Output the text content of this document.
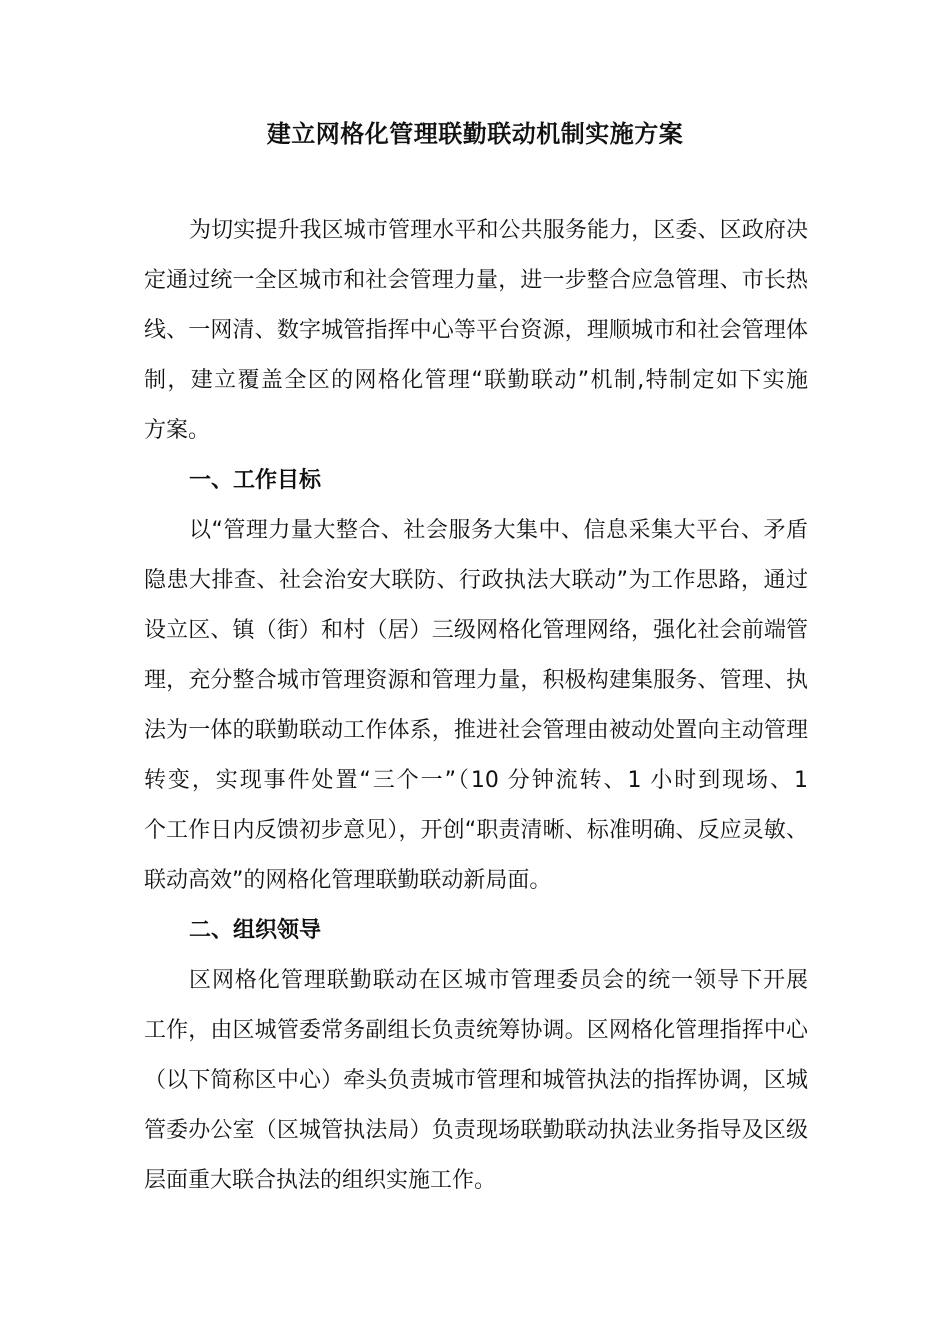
建立网格化管理联勤联动机制实施方案
为切实提升我区城市管理水平和公共服务能力，区委、区政府决
定通过统一全区城市和社会管理力量，进一步整合应急管理、市长热
线、一网清、数字城管指挥中心等平台资源，理顺城市和社会管理体
制，建立覆盖全区的网格化管理“联勤联动”机制,特制定如下实施
方案。
一、工作目标
以“管理力量大整合、社会服务大集中、信息采集大平台、矛盾
隐患大排查、社会治安大联防、行政执法大联动”为工作思路，通过
设立区、镇（街）和村（居）三级网格化管理网络，强化社会前端管
理，充分整合城市管理资源和管理力量，积极构建集服务、管理、执
法为一体的联勤联动工作体系，推进社会管理由被动处置向主动管理
转变，实现事件处置“三个一”（10 分钟流转、1 小时到现场、1
个工作日内反馈初步意见），开创“职责清晰、标准明确、反应灵敏、
联动高效”的网格化管理联勤联动新局面。
二、组织领导
区网格化管理联勤联动在区城市管理委员会的统一领导下开展
工作，由区城管委常务副组长负责统筹协调。区网格化管理指挥中心
（以下简称区中心）牵头负责城市管理和城管执法的指挥协调，区城
管委办公室（区城管执法局）负责现场联勤联动执法业务指导及区级
层面重大联合执法的组织实施工作。
